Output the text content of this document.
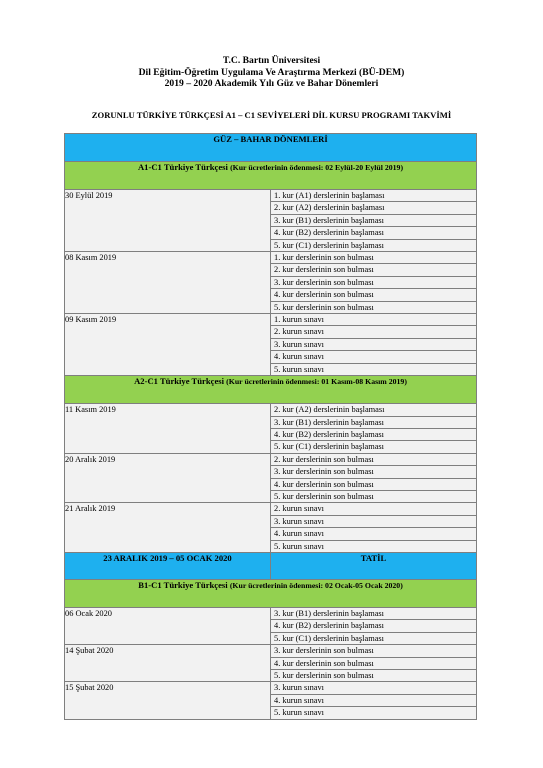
T.C. Bartın Üniversitesi
Dil Eğitim-Öğretim Uygulama Ve Araştırma Merkezi (BÜ-DEM)
2019 – 2020 Akademik Yılı Güz ve Bahar Dönemleri
ZORUNLU TÜRKİYE TÜRKÇESİ A1 – C1 SEVİYELERİ DİL KURSU PROGRAMI TAKVİMİ
GÜZ – BAHAR DÖNEMLERİ	
A1-C1 Türkiye Türkçesi (Kur ücretlerinin ödenmesi: 02 Eylül-20 Eylül 2019)	

30 Eylül 2019	1. kur (A1) derslerinin başlaması
2. kur (A2) derslerinin başlaması
3. kur (B1) derslerinin başlaması
4. kur (B2) derslerinin başlaması
5. kur (C1) derslerinin başlaması

08 Kasım 2019	1. kur derslerinin son bulması
2. kur derslerinin son bulması
3. kur derslerinin son bulması
4. kur derslerinin son bulması
5. kur derslerinin son bulması

09 Kasım 2019	1. kurun sınavı
2. kurun sınavı
3. kurun sınavı
4. kurun sınavı
5. kurun sınavı

A2-C1 Türkiye Türkçesi (Kur ücretlerinin ödenmesi: 01 Kasım-08 Kasım 2019)	

11 Kasım 2019	2. kur (A2) derslerinin başlaması
3. kur (B1) derslerinin başlaması
4. kur (B2) derslerinin başlaması
5. kur (C1) derslerinin başlaması

20 Aralık 2019	2. kur derslerinin son bulması
3. kur derslerinin son bulması
4. kur derslerinin son bulması
5. kur derslerinin son bulması

21 Aralık 2019	2. kurun sınavı
3. kurun sınavı
4. kurun sınavı
5. kurun sınavı

23 ARALIK 2019 – 05 OCAK 2020	TATİL
B1-C1 Türkiye Türkçesi (Kur ücretlerinin ödenmesi: 02 Ocak-05 Ocak 2020)	

06 Ocak 2020	3. kur (B1) derslerinin başlaması
4. kur (B2) derslerinin başlaması
5. kur (C1) derslerinin başlaması

14 Şubat 2020	3. kur derslerinin son bulması
4. kur derslerinin son bulması
5. kur derslerinin son bulması

15 Şubat 2020	3. kurun sınavı
4. kurun sınavı
5. kurun sınavı
